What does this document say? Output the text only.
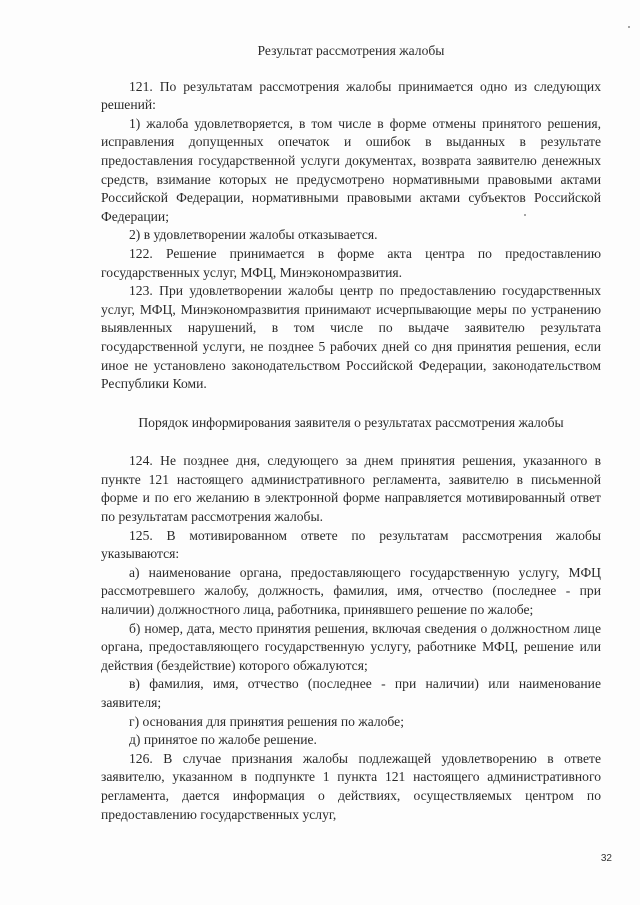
Результат рассмотрения жалобы

121. По результатам рассмотрения жалобы принимается одно из следующих решений:

1) жалоба удовлетворяется, в том числе в форме отмены принятого решения, исправления допущенных опечаток и ошибок в выданных в результате предоставления государственной услуги документах, возврата заявителю денежных средств, взимание которых не предусмотрено нормативными правовыми актами Российской Федерации, нормативными правовыми актами субъектов Российской Федерации;

2) в удовлетворении жалобы отказывается.

122. Решение принимается в форме акта центра по предоставлению государственных услуг, МФЦ, Минэкономразвития.

123. При удовлетворении жалобы центр по предоставлению государственных услуг, МФЦ, Минэкономразвития принимают исчерпывающие меры по устранению выявленных нарушений, в том числе по выдаче заявителю результата государственной услуги, не позднее 5 рабочих дней со дня принятия решения, если иное не установлено законодательством Российской Федерации, законодательством Республики Коми.

Порядок информирования заявителя о результатах рассмотрения жалобы

124. Не позднее дня, следующего за днем принятия решения, указанного в пункте 121 настоящего административного регламента, заявителю в письменной форме и по его желанию в электронной форме направляется мотивированный ответ по результатам рассмотрения жалобы.

125. В мотивированном ответе по результатам рассмотрения жалобы указываются:

а) наименование органа, предоставляющего государственную услугу, МФЦ рассмотревшего жалобу, должность, фамилия, имя, отчество (последнее - при наличии) должностного лица, работника, принявшего решение по жалобе;

б) номер, дата, место принятия решения, включая сведения о должностном лице органа, предоставляющего государственную услугу, работнике МФЦ, решение или действия (бездействие) которого обжалуются;

в) фамилия, имя, отчество (последнее - при наличии) или наименование заявителя;

г) основания для принятия решения по жалобе;

д) принятое по жалобе решение.

126. В случае признания жалобы подлежащей удовлетворению в ответе заявителю, указанном в подпункте 1 пункта 121 настоящего административного регламента, дается информация о действиях, осуществляемых центром по предоставлению государственных услуг,

32
